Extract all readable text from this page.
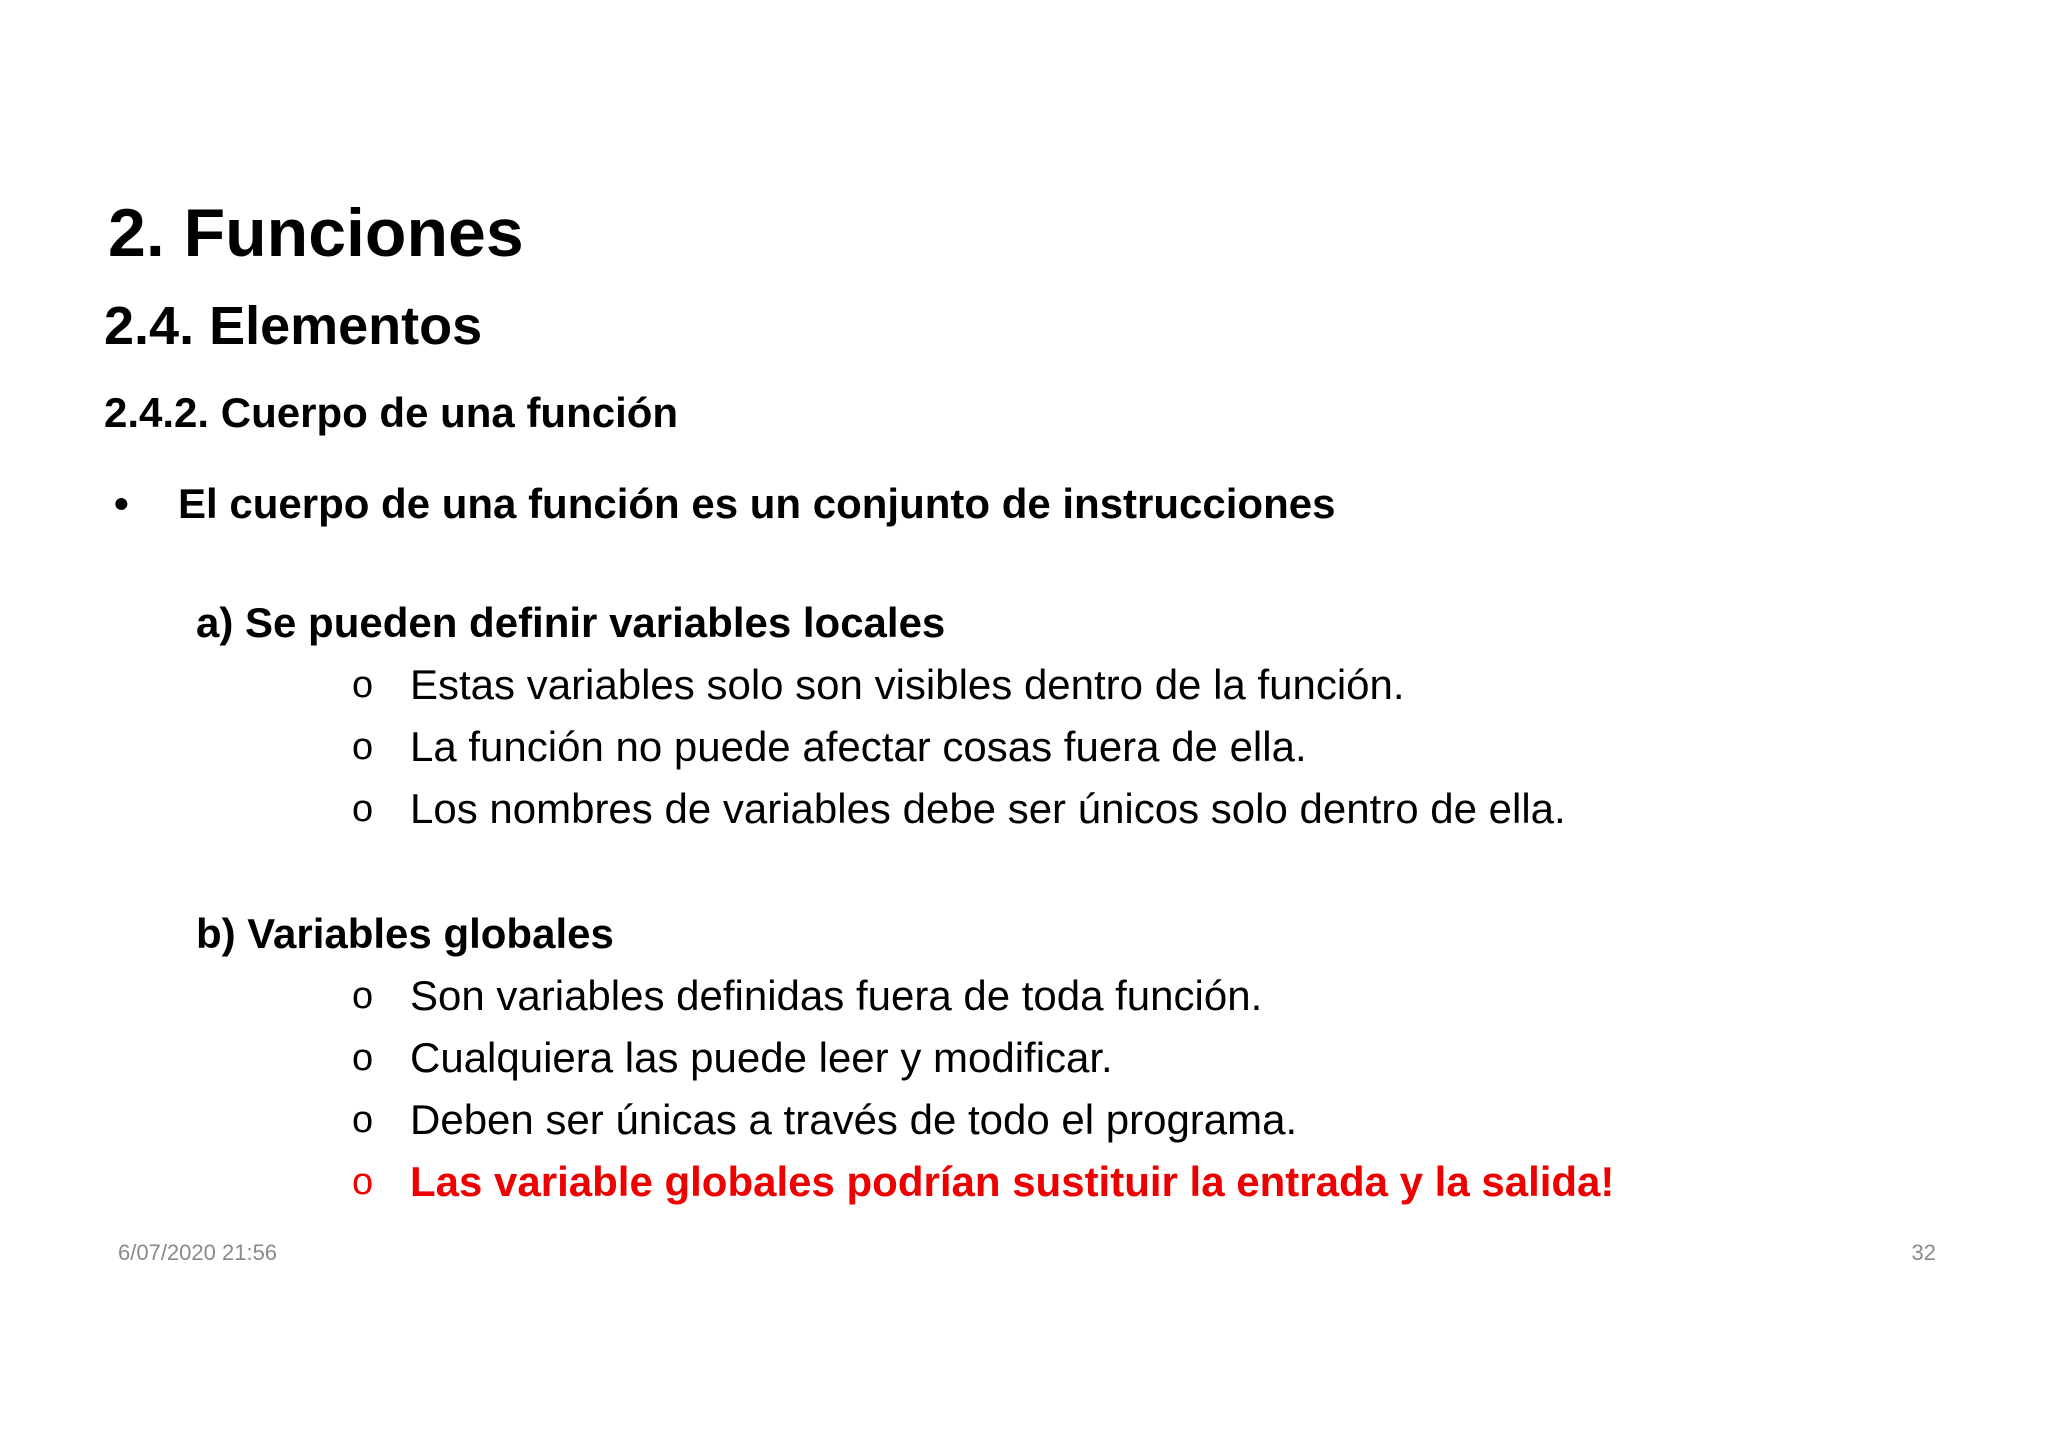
2. Funciones
2.4. Elementos
2.4.2. Cuerpo de una función
• El cuerpo de una función es un conjunto de instrucciones
a) Se pueden definir variables locales
o Estas variables solo son visibles dentro de la función.
o La función no puede afectar cosas fuera de ella.
o Los nombres de variables debe ser únicos solo dentro de ella.
b) Variables globales
o Son variables definidas fuera de toda función.
o Cualquiera las puede leer y modificar.
o Deben ser únicas a través de todo el programa.
o Las variable globales podrían sustituir la entrada y la salida!
6/07/2020 21:56	32
